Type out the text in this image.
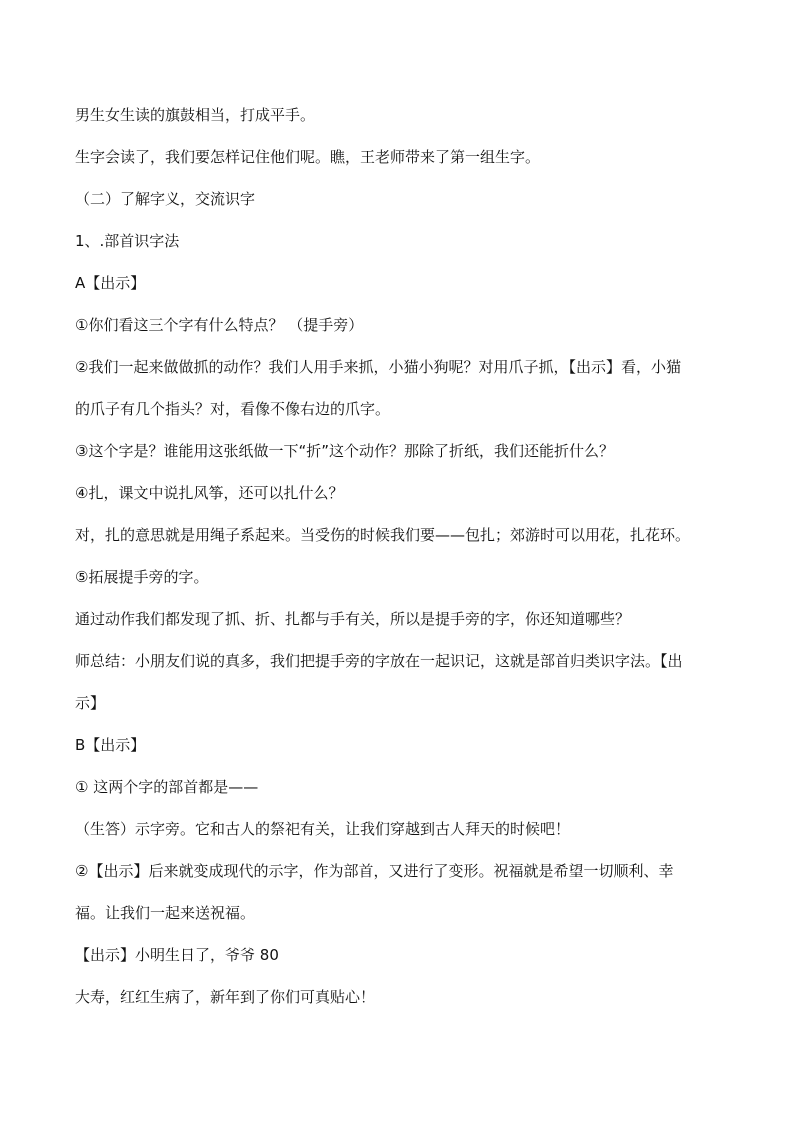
男生女生读的旗鼓相当，打成平手。

生字会读了，我们要怎样记住他们呢。瞧，王老师带来了第一组生字。

（二）了解字义，交流识字

1、.部首识字法

A【出示】

①你们看这三个字有什么特点？ （提手旁）

②我们一起来做做抓的动作？我们人用手来抓，小猫小狗呢？对用爪子抓，【出示】看，小猫
的爪子有几个指头？对，看像不像右边的爪字。

③这个字是？谁能用这张纸做一下“折”这个动作？那除了折纸，我们还能折什么？

④扎，课文中说扎风筝，还可以扎什么？

对，扎的意思就是用绳子系起来。当受伤的时候我们要——包扎；郊游时可以用花，扎花环。

⑤拓展提手旁的字。

通过动作我们都发现了抓、折、扎都与手有关，所以是提手旁的字，你还知道哪些？

师总结：小朋友们说的真多，我们把提手旁的字放在一起识记，这就是部首归类识字法。【出
示】

B【出示】

① 这两个字的部首都是——

（生答）示字旁。它和古人的祭祀有关，让我们穿越到古人拜天的时候吧！

②【出示】后来就变成现代的示字，作为部首，又进行了变形。祝福就是希望一切顺利、幸
福。让我们一起来送祝福。

【出示】小明生日了，爷爷 80

大寿，红红生病了，新年到了你们可真贴心！
